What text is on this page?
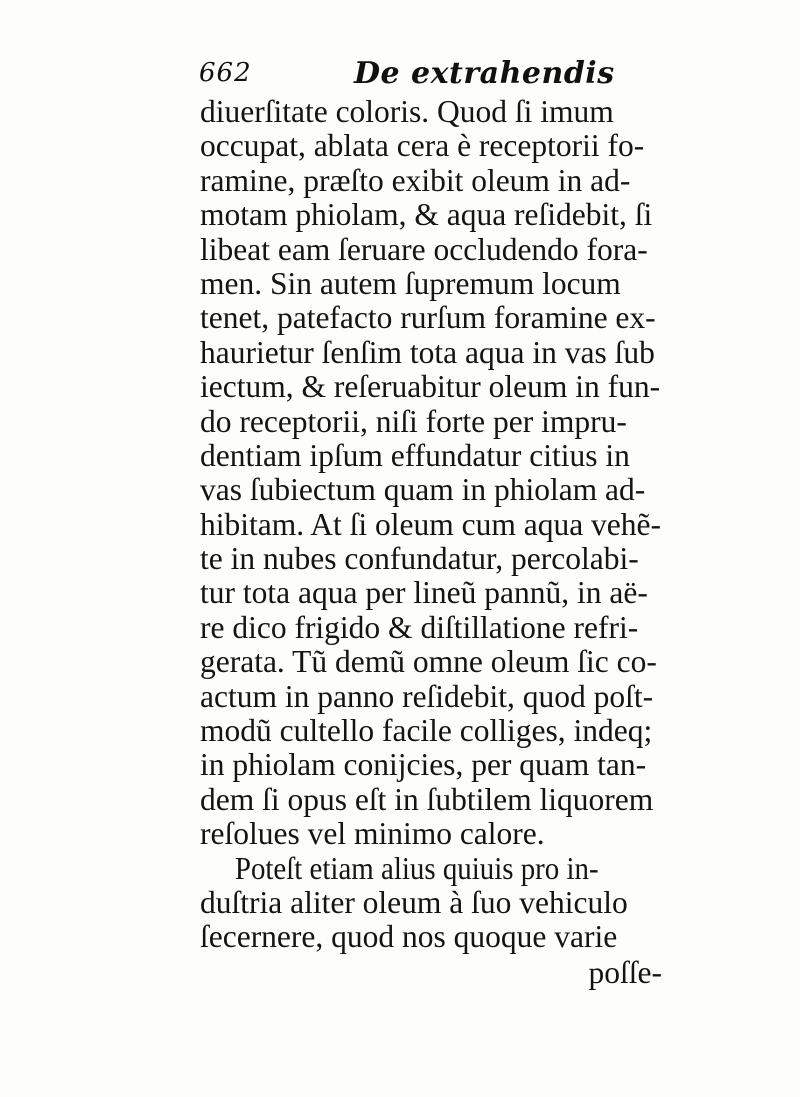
662	De extrahendis
diuerſitate coloris. Quod ſi imum
occupat, ablata cera è receptorii fo-
ramine, præſto exibit oleum in ad-
motam phiolam, & aqua reſidebit, ſi
libeat eam ſeruare occludendo fora-
men. Sin autem ſupremum locum
tenet, patefacto rurſum foramine ex-
haurietur ſenſim tota aqua in vas ſub
iectum, & reſeruabitur oleum in fun-
do receptorii, niſi forte per impru-
dentiam ipſum effundatur citius in
vas ſubiectum quam in phiolam ad-
hibitam. At ſi oleum cum aqua vehẽ-
te in nubes confundatur, percolabi-
tur tota aqua per lineũ pannũ, in aë-
re dico frigido & diſtillatione refri-
gerata. Tũ demũ omne oleum ſic co-
actum in panno reſidebit, quod poſt-
modũ cultello facile colliges, indeq;
in phiolam conijcies, per quam tan-
dem ſi opus eſt in ſubtilem liquorem
reſolues vel minimo calore.
Poteſt etiam alius quiuis pro in-
duſtria aliter oleum à ſuo vehiculo
ſecernere, quod nos quoque varie
poſſe-
